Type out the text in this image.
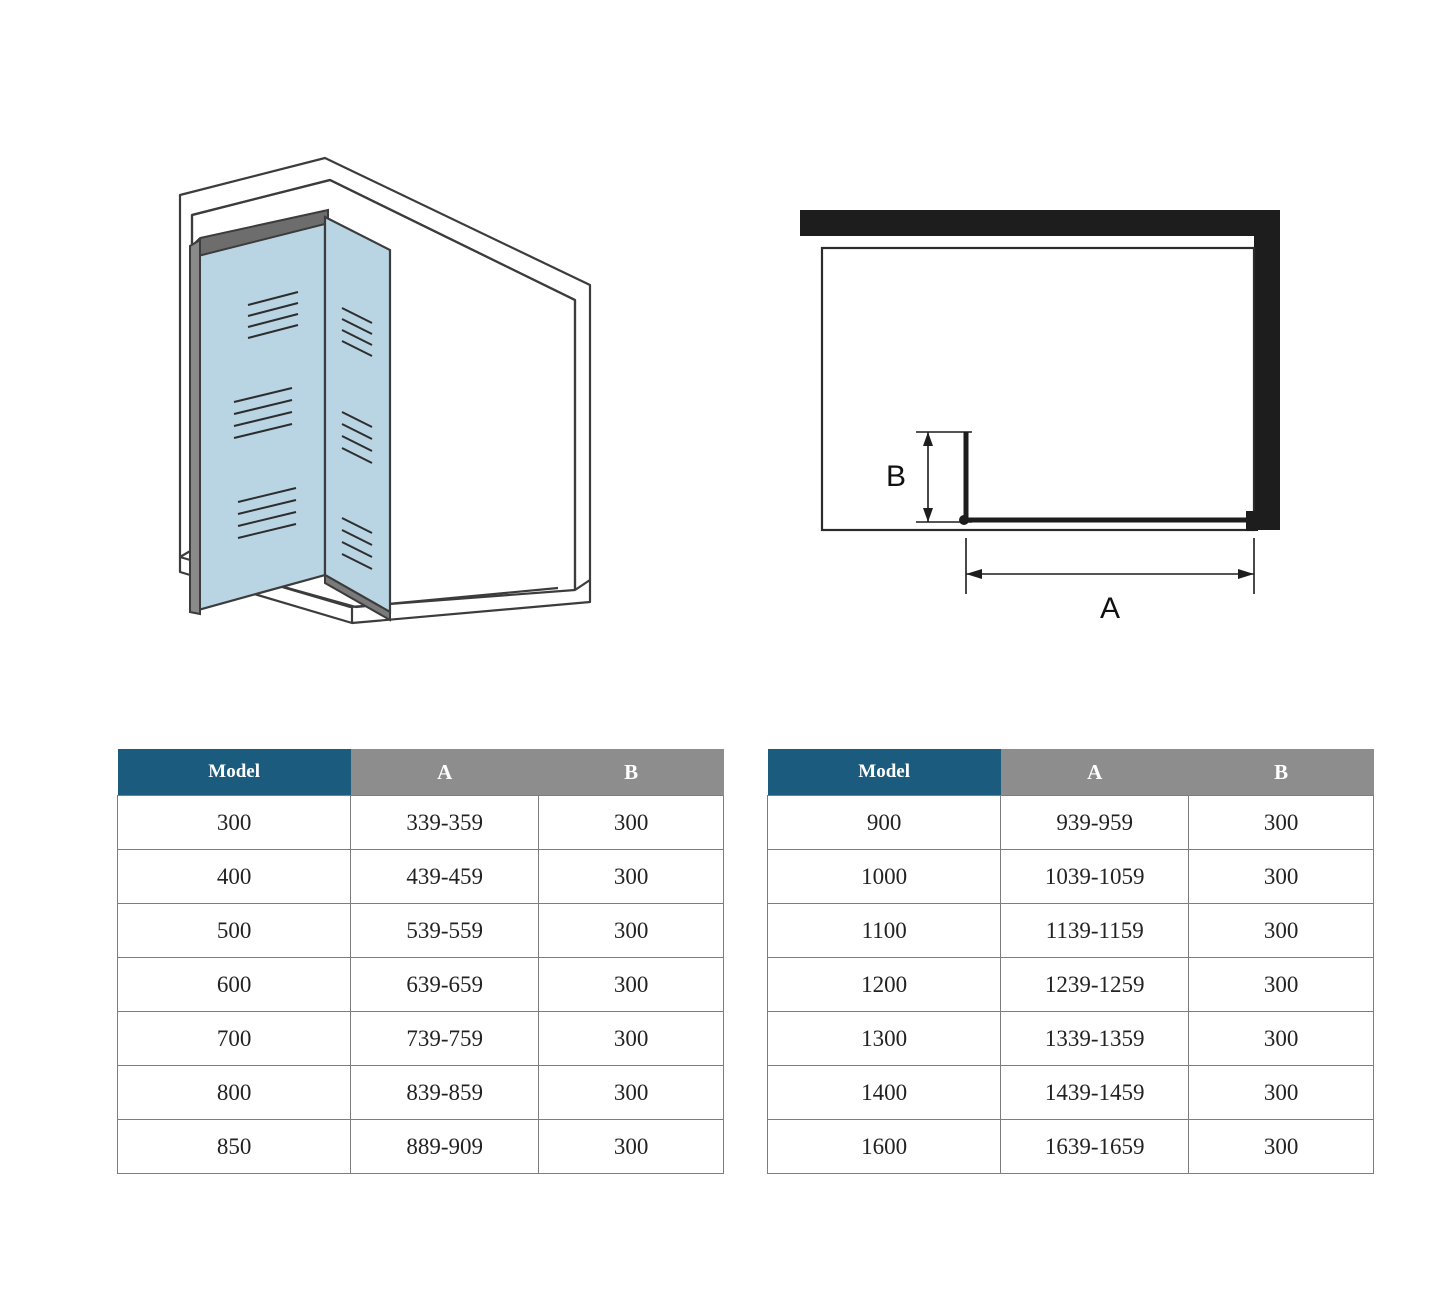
B
A
Model	A	B
300	339-359	300
400	439-459	300
500	539-559	300
600	639-659	300
700	739-759	300
800	839-859	300
850	889-909	300
Model	A	B
900	939-959	300
1000	1039-1059	300
1100	1139-1159	300
1200	1239-1259	300
1300	1339-1359	300
1400	1439-1459	300
1600	1639-1659	300
